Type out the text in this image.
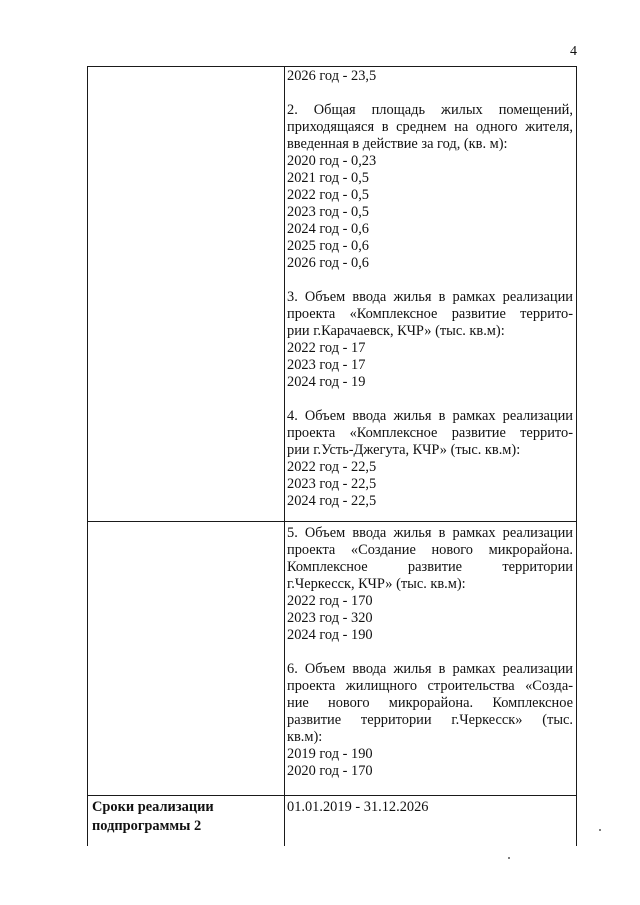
4
2026 год - 23,5
2. Общая площадь жилых помещений,
приходящаяся в среднем на одного жителя,
введенная в действие за год, (кв. м):
2020 год - 0,23
2021 год - 0,5
2022 год - 0,5
2023 год - 0,5
2024 год - 0,6
2025 год - 0,6
2026 год - 0,6
3. Объем ввода жилья в рамках реализации
проекта «Комплексное развитие террито-
рии г.Карачаевск, КЧР» (тыс. кв.м):
2022 год - 17
2023 год - 17
2024 год - 19
4. Объем ввода жилья в рамках реализации
проекта «Комплексное развитие террито-
рии г.Усть-Джегута, КЧР» (тыс. кв.м):
2022 год - 22,5
2023 год - 22,5
2024 год - 22,5
5. Объем ввода жилья в рамках реализации
проекта «Создание нового микрорайона.
Комплексное развитие территории
г.Черкесск, КЧР» (тыс. кв.м):
2022 год - 170
2023 год - 320
2024 год - 190
6. Объем ввода жилья в рамках реализации
проекта жилищного строительства «Созда-
ние нового микрорайона. Комплексное
развитие территории г.Черкесск» (тыс.
кв.м):
2019 год - 190
2020 год - 170
Сроки реализации
подпрограммы 2
01.01.2019 - 31.12.2026
